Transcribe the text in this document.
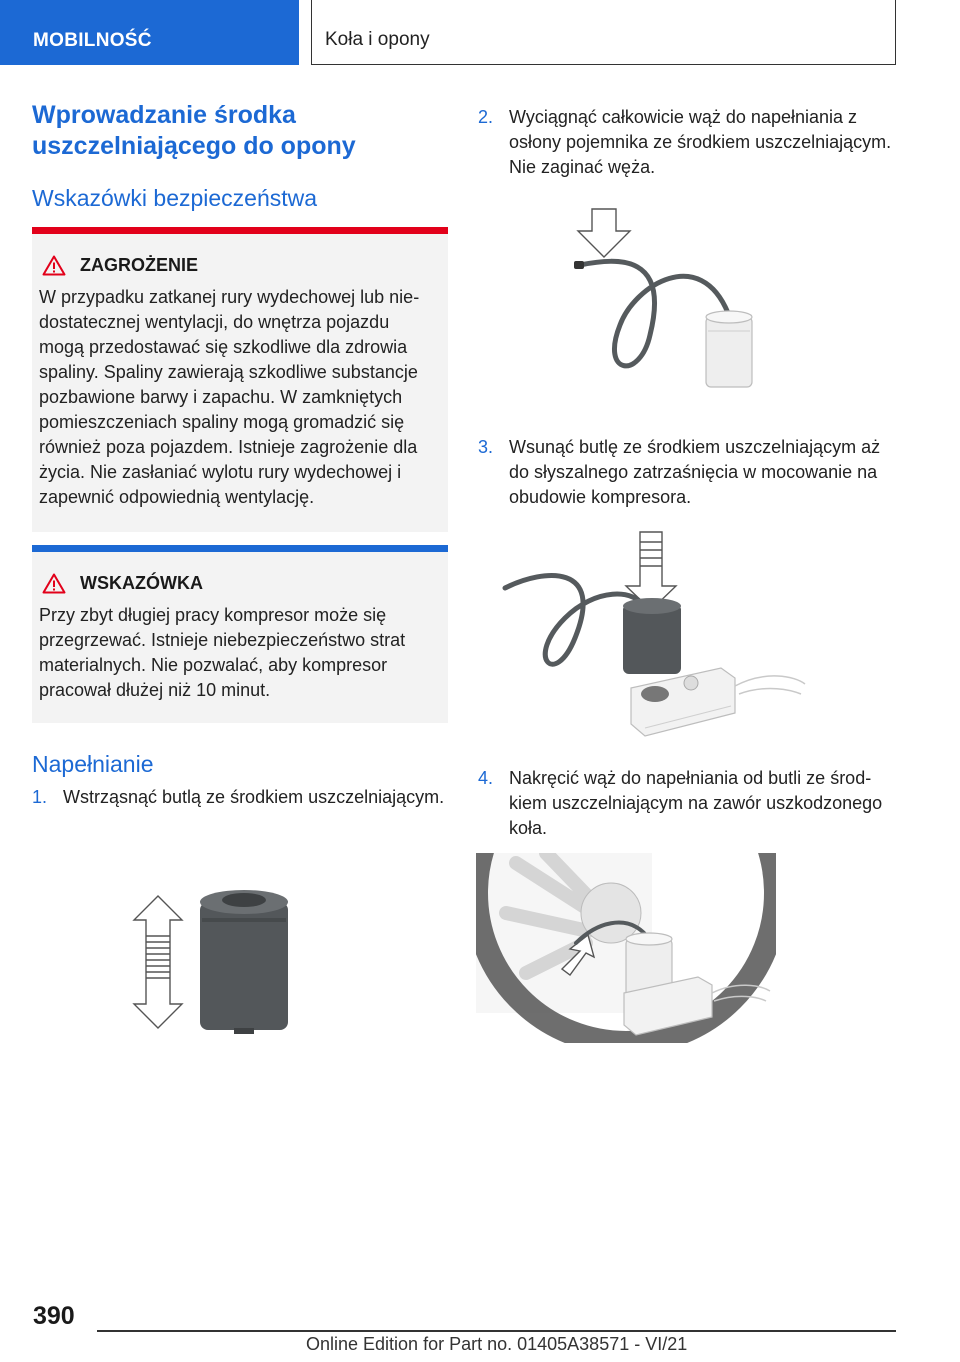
MOBILNOŚĆ	Koła i opony
Wprowadzanie środka uszczelniającego do opony
Wskazówki bezpieczeństwa
ZAGROŻENIE
W przypadku zatkanej rury wydechowej lub niedostatecznej wentylacji, do wnętrza pojazdu mogą przedostawać się szkodliwe dla zdrowia spaliny. Spaliny zawierają szkodliwe substancje pozbawione barwy i zapachu. W zamkniętych pomieszczeniach spaliny mogą gromadzić się również poza pojazdem. Istnieje zagrożenie dla życia. Nie zasłaniać wylotu rury wydechowej i zapewnić odpowiednią wentylację.
WSKAZÓWKA
Przy zbyt długiej pracy kompresor może się przegrzewać. Istnieje niebezpieczeństwo strat materialnych. Nie pozwalać, aby kompresor pracował dłużej niż 10 minut.
Napełnianie
1. Wstrząsnąć butlą ze środkiem uszczelniającym.
2. Wyciągnąć całkowicie wąż do napełniania z osłony pojemnika ze środkiem uszczelniającym. Nie zaginać węża.
3. Wsunąć butlę ze środkiem uszczelniającym aż do słyszalnego zatrzaśnięcia w mocowanie na obudowie kompresora.
4. Nakręcić wąż do napełniania od butli ze środkiem uszczelniającym na zawór uszkodzonego koła.
390
Online Edition for Part no. 01405A38571 - VI/21
